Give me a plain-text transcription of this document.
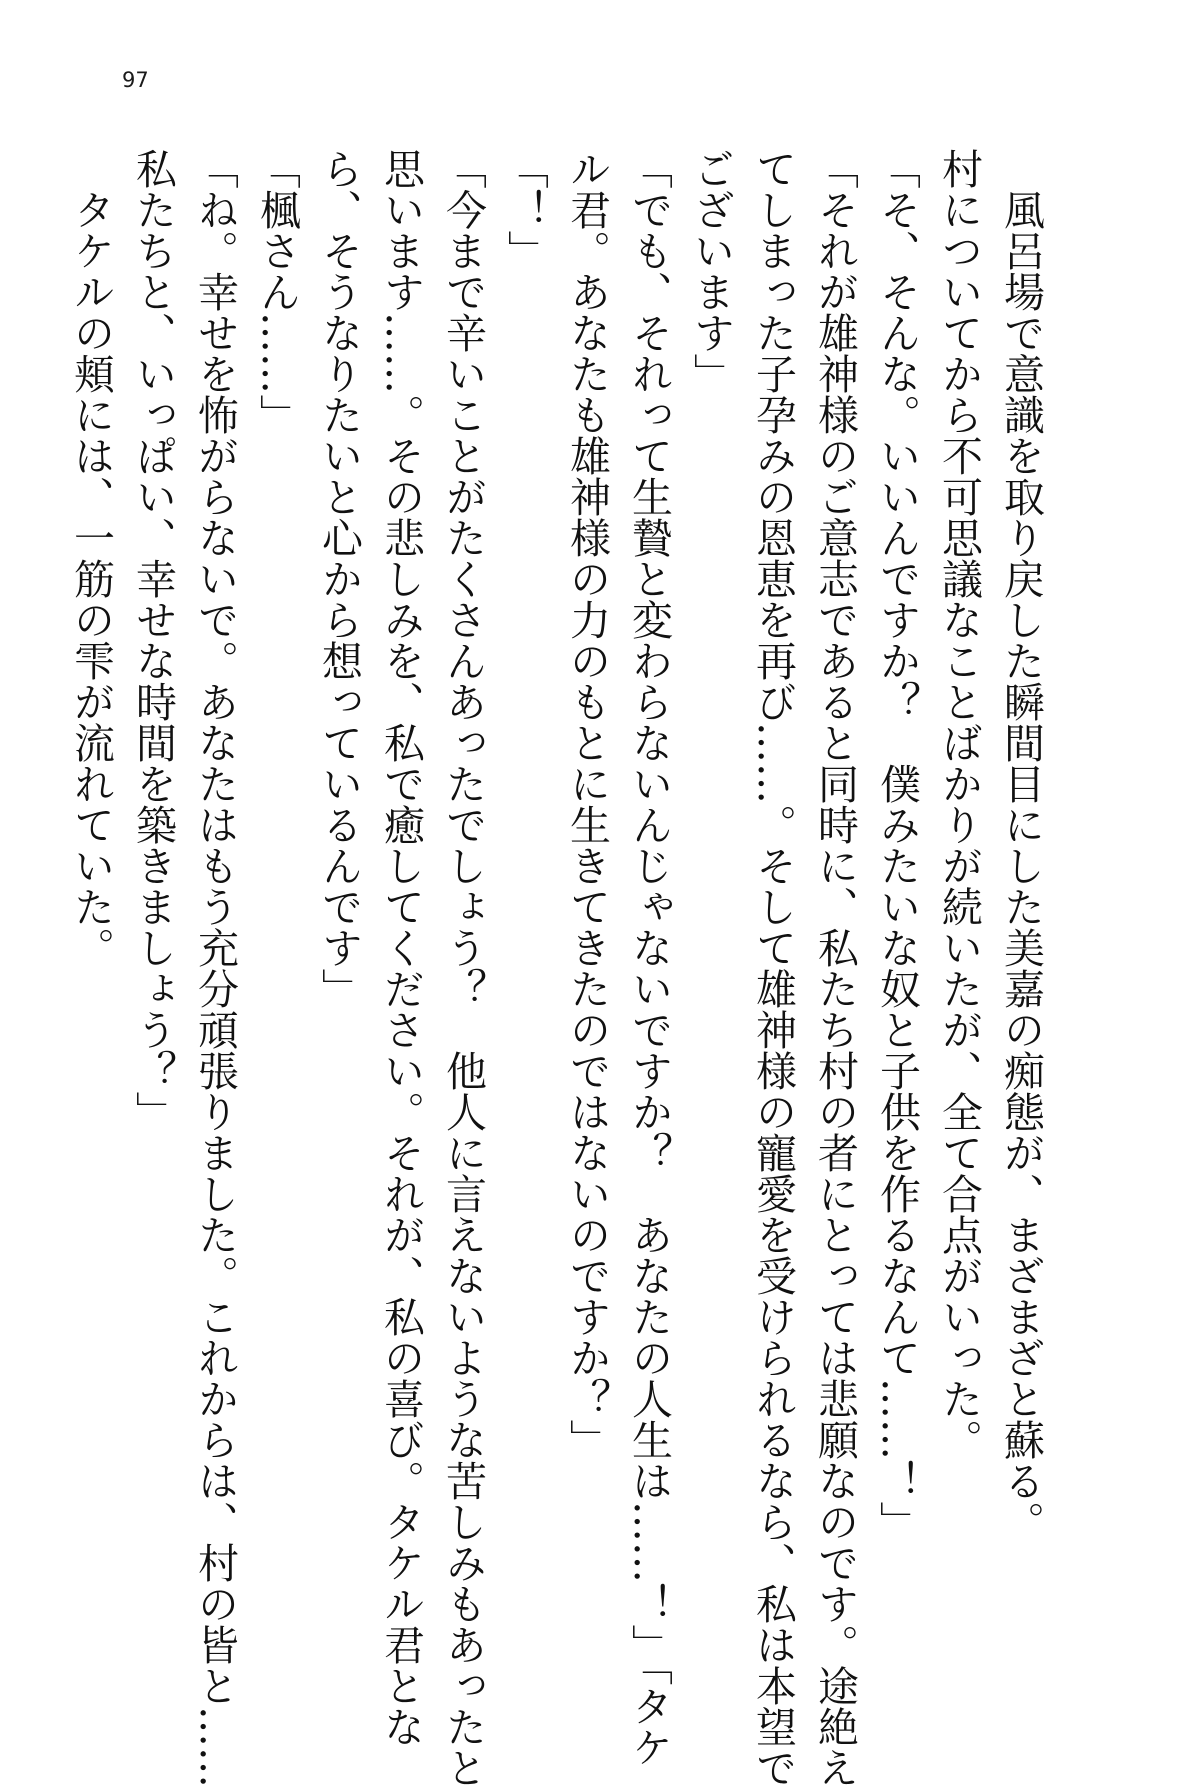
97

　風呂場で意識を取り戻した瞬間目にした美嘉の痴態が、まざまざと蘇る。

村についてから不可思議なことばかりが続いたが、全て合点がいった。

「そ、そんな。いいんですか？　僕みたいな奴と子供を作るなんて……！」

「それが雄神様のご意志であると同時に、私たち村の者にとっては悲願なのです。途絶え

てしまった子孕みの恩恵を再び……。そして雄神様の寵愛を受けられるなら、私は本望で

ございます」

「でも、それって生贄と変わらないんじゃないですか？　あなたの人生は……！」「タケ

ル君。あなたも雄神様の力のもとに生きてきたのではないのですか？」

「！」

「今まで辛いことがたくさんあったでしょう？　他人に言えないような苦しみもあったと

思います……。その悲しみを、私で癒してください。それが、私の喜び。タケル君とな

ら、そうなりたいと心から想っているんです」

「楓さん……」

「ね。幸せを怖がらないで。あなたはもう充分頑張りました。これからは、村の皆と……

私たちと、いっぱい、幸せな時間を築きましょう？」

　タケルの頬には、一筋の雫が流れていた。
